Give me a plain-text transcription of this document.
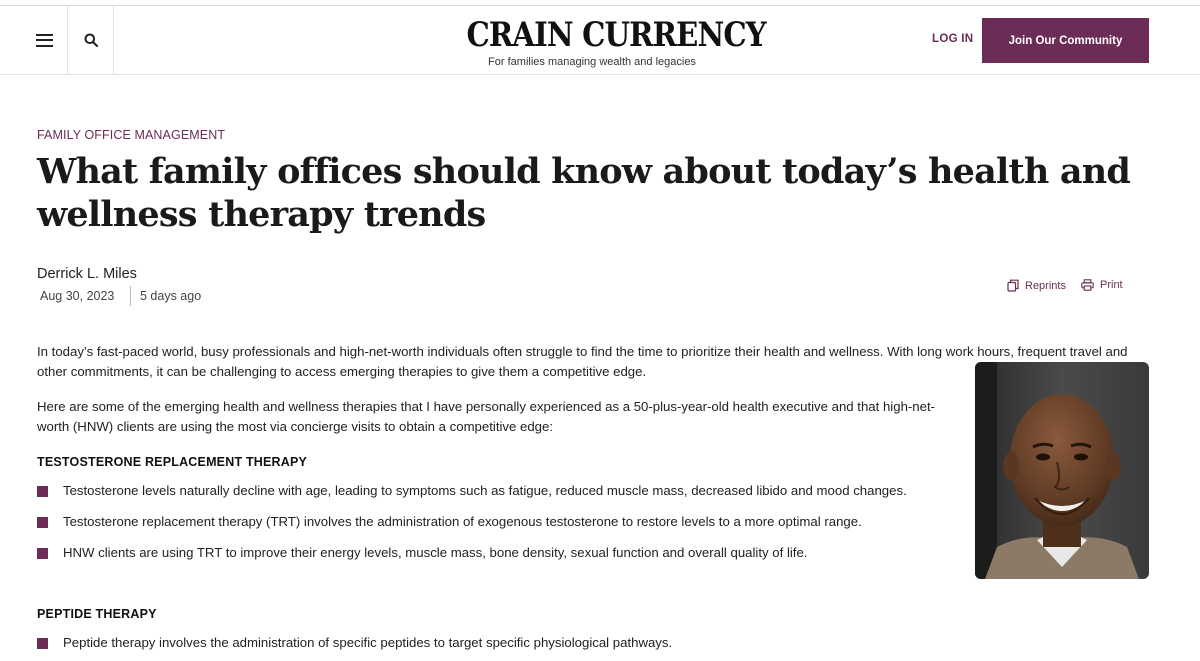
CRAIN CURRENCY
For families managing wealth and legacies
LOG IN	Join Our Community
FAMILY OFFICE MANAGEMENT
What family offices should know about today’s health and wellness therapy trends
Derrick L. Miles
Aug 30, 2023 5 days ago
Reprints	Print

In today’s fast-paced world, busy professionals and high-net-worth individuals often struggle to find the time to prioritize their health and wellness. With long work hours, frequent travel and other commitments, it can be challenging to access emerging therapies to give them a competitive edge.

Here are some of the emerging health and wellness therapies that I have personally experienced as a 50-plus-year-old health executive and that high-net-worth (HNW) clients are using the most via concierge visits to obtain a competitive edge:

TESTOSTERONE REPLACEMENT THERAPY
Testosterone levels naturally decline with age, leading to symptoms such as fatigue, reduced muscle mass, decreased libido and mood changes.
Testosterone replacement therapy (TRT) involves the administration of exogenous testosterone to restore levels to a more optimal range.
HNW clients are using TRT to improve their energy levels, muscle mass, bone density, sexual function and overall quality of life.
PEPTIDE THERAPY
Peptide therapy involves the administration of specific peptides to target specific physiological pathways.
